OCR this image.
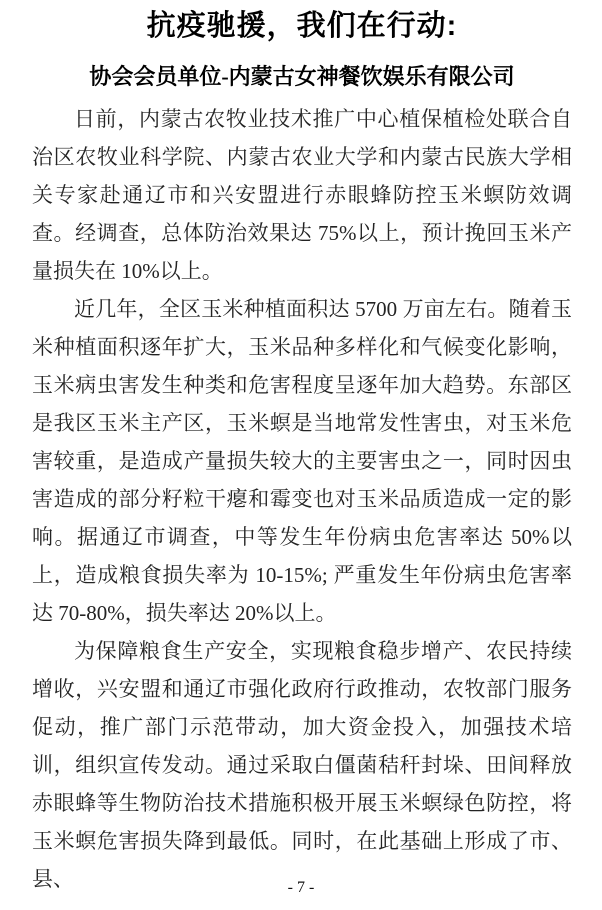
抗疫驰援，我们在行动:
协会会员单位-内蒙古女神餐饮娱乐有限公司

日前，内蒙古农牧业技术推广中心植保植检处联合自治区农牧业科学院、内蒙古农业大学和内蒙古民族大学相关专家赴通辽市和兴安盟进行赤眼蜂防控玉米螟防效调查。经调查，总体防治效果达 75%以上，预计挽回玉米产量损失在 10%以上。

近几年，全区玉米种植面积达 5700 万亩左右。随着玉米种植面积逐年扩大，玉米品种多样化和气候变化影响，玉米病虫害发生种类和危害程度呈逐年加大趋势。东部区是我区玉米主产区，玉米螟是当地常发性害虫，对玉米危害较重，是造成产量损失较大的主要害虫之一，同时因虫害造成的部分籽粒干瘪和霉变也对玉米品质造成一定的影响。据通辽市调查，中等发生年份病虫危害率达 50%以上，造成粮食损失率为 10-15%; 严重发生年份病虫危害率达 70-80%，损失率达 20%以上。

为保障粮食生产安全，实现粮食稳步增产、农民持续增收，兴安盟和通辽市强化政府行政推动，农牧部门服务促动，推广部门示范带动，加大资金投入，加强技术培训，组织宣传发动。通过采取白僵菌秸秆封垛、田间释放赤眼蜂等生物防治技术措施积极开展玉米螟绿色防控，将玉米螟危害损失降到最低。同时，在此基础上形成了市、县、	- 7 -
